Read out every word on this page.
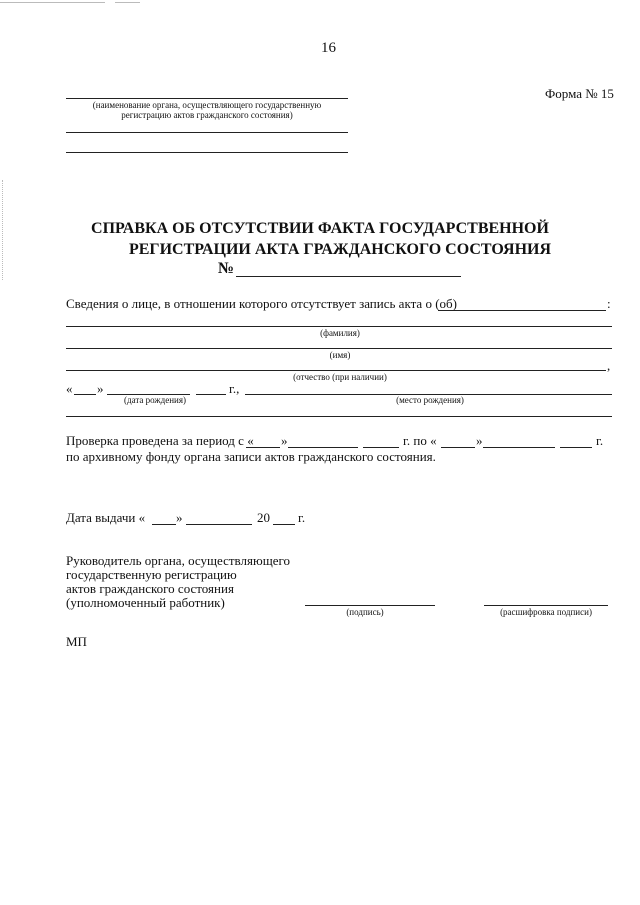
16
Форма № 15
(наименование органа, осуществляющего государственную
регистрацию актов гражданского состояния)
СПРАВКА ОБ ОТСУТСТВИИ ФАКТА ГОСУДАРСТВЕННОЙ
РЕГИСТРАЦИИ АКТА ГРАЖДАНСКОГО СОСТОЯНИЯ
№
Сведения о лице, в отношении которого отсутствует запись акта о (об)	:
(фамилия)
(имя)
,
(отчество (при наличии)
« »	г.,
(дата рождения)	(место рождения)
Проверка проведена за период с « »	г. по «	»	г.
по архивному фонду органа записи актов гражданского состояния.
Дата выдачи « »	20 г.
Руководитель органа, осуществляющего
государственную регистрацию
актов гражданского состояния
(уполномоченный работник)
(подпись)	(расшифровка подписи)
МП
